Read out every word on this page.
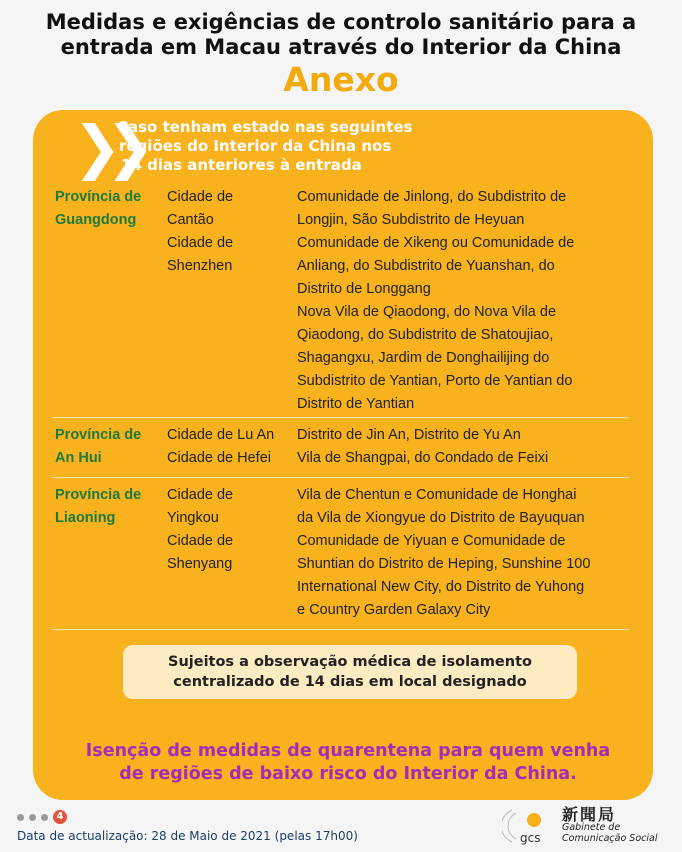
Medidas e exigências de controlo sanitário para a
entrada em Macau através do Interior da China
Anexo
❯❯
Caso tenham estado nas seguintes
regiões do Interior da China nos
14 dias anteriores à entrada
Província de
Guangdong
Cidade de
Cantão
Cidade de
Shenzhen
Comunidade de Jinlong, do Subdistrito de
Longjin, São Subdistrito de Heyuan
Comunidade de Xikeng ou Comunidade de
Anliang, do Subdistrito de Yuanshan, do
Distrito de Longgang
Nova Vila de Qiaodong, do Nova Vila de
Qiaodong, do Subdistrito de Shatoujiao,
Shagangxu, Jardim de Donghailijing do
Subdistrito de Yantian, Porto de Yantian do
Distrito de Yantian
Província de
An Hui
Cidade de Lu An
Cidade de Hefei
Distrito de Jin An, Distrito de Yu An
Vila de Shangpai, do Condado de Feixi
Província de
Liaoning
Cidade de
Yingkou
Cidade de
Shenyang
Vila de Chentun e Comunidade de Honghai
da Vila de Xiongyue do Distrito de Bayuquan
Comunidade de Yiyuan e Comunidade de
Shuntian do Distrito de Heping, Sunshine 100
International New City, do Distrito de Yuhong
e Country Garden Galaxy City
Sujeitos a observação médica de isolamento
centralizado de 14 dias em local designado
Isenção de medidas de quarentena para quem venha
de regiões de baixo risco do Interior da China.
4
Data de actualização: 28 de Maio de 2021 (pelas 17h00)	gcs
新聞局
Gabinete de
Comunicação Social
